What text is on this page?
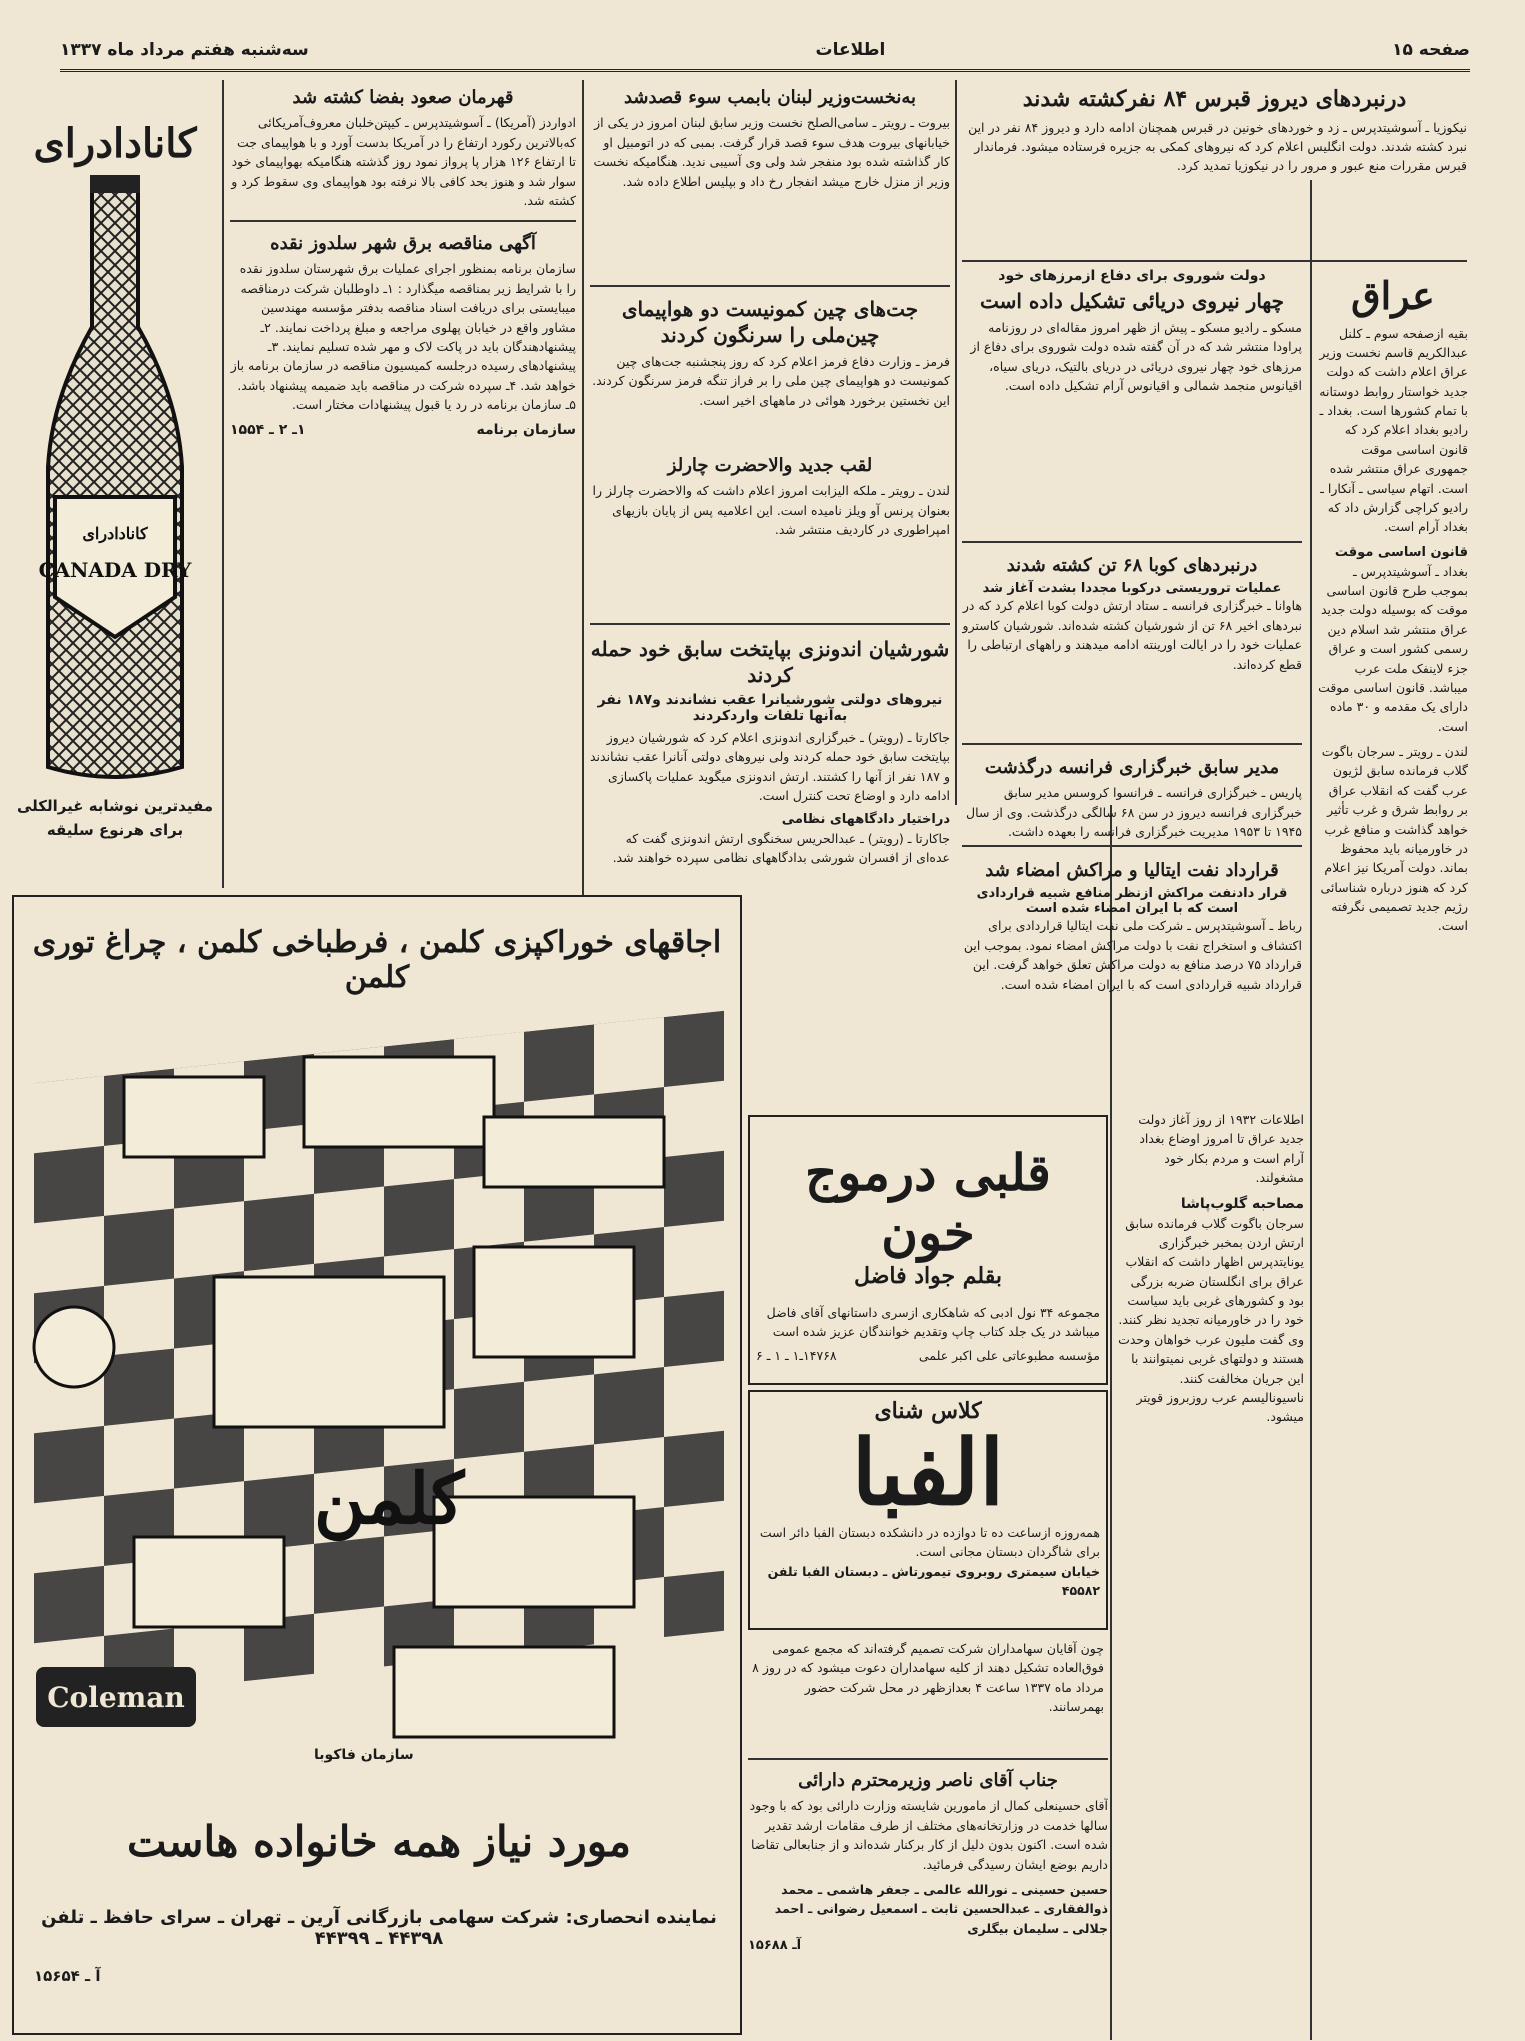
سه‌شنبه هفتم مرداد ماه ۱۳۳۷	اطلاعات	صفحه ۱۵
کانادادرای
کانادادرای
CANADA DRY
مفیدترین نوشابه غیرالکلی
برای هرنوع سلیقه
قهرمان صعود بفضا کشته شد

ادواردز (آمریکا) ـ آسوشیتدپرس ـ کیپتن‌خلبان معروف‌آمریکائی که‌بالاترین رکورد ارتفاع را در آمریکا بدست آورد و با هواپیمای جت تا ارتفاع ۱۲۶ هزار پا پرواز نمود روز گذشته هنگامیکه بهواپیمای خود سوار شد و هنوز بحد کافی بالا نرفته بود هواپیمای وی سقوط کرد و کشته شد.

آگهی مناقصه برق شهر سلدوز نقده

سازمان برنامه بمنظور اجرای عملیات برق شهرستان سلدوز نقده را با شرایط زیر بمناقصه میگذارد : ۱ـ داوطلبان شرکت درمناقصه میبایستی برای دریافت اسناد مناقصه بدفتر مؤسسه مهندسین مشاور واقع در خیابان پهلوی مراجعه و مبلغ پرداخت نمایند. ۲ـ پیشنهادهندگان باید در پاکت لاک و مهر شده تسلیم نمایند. ۳ـ پیشنهادهای رسیده درجلسه کمیسیون مناقصه در سازمان برنامه باز خواهد شد. ۴ـ سپرده شرکت در مناقصه باید ضمیمه پیشنهاد باشد. ۵ـ سازمان برنامه در رد یا قبول پیشنهادات مختار است.

سازمان برنامه
۱ـ ۲ ـ ۱۵۵۴
به‌نخست‌وزیر لبنان بابمب سوء قصدشد

بیروت ـ رویتر ـ سامی‌الصلح نخست وزیر سابق لبنان امروز در یکی از خیابانهای بیروت هدف سوء قصد قرار گرفت. بمبی که در اتومبیل او کار گذاشته شده بود منفجر شد ولی وی آسیبی ندید. هنگامیکه نخست وزیر از منزل خارج میشد انفجار رخ داد و بپلیس اطلاع داده شد.

جت‌های چین کمونیست دو هواپیمای چین‌ملی را سرنگون کردند

فرمز ـ وزارت دفاع فرمز اعلام کرد که روز پنجشنبه جت‌های چین کمونیست دو هواپیمای چین ملی را بر فراز تنگه فرمز سرنگون کردند. این نخستین برخورد هوائی در ماههای اخیر است.

لقب جدید والاحضرت چارلز

لندن ـ رویتر ـ ملکه الیزابت امروز اعلام داشت که والاحضرت چارلز را بعنوان پرنس آو ویلز نامیده است. این اعلامیه پس از پایان بازیهای امپراطوری در کاردیف منتشر شد.

شورشیان اندونزی بپایتخت سابق خود حمله کردند
نیروهای دولتی شورشیانرا عقب نشاندند و۱۸۷ نفر به‌آنها تلفات واردکردند

جاکارتا ـ (رویتر) ـ خبرگزاری اندونزی اعلام کرد که شورشیان دیروز بپایتخت سابق خود حمله کردند ولی نیروهای دولتی آنانرا عقب نشاندند و ۱۸۷ نفر از آنها را کشتند. ارتش اندونزی میگوید عملیات پاکسازی ادامه دارد و اوضاع تحت کنترل است.

دراختیار دادگاههای نظامی

جاکارتا ـ (رویتر) ـ عبدالحریس سخنگوی ارتش اندونزی گفت که عده‌ای از افسران شورشی بدادگاههای نظامی سپرده خواهند شد.

درنبردهای دیروز قبرس ۸۴ نفرکشته شدند

نیکوزیا ـ آسوشیتدپرس ـ زد و خوردهای خونین در قبرس همچنان ادامه دارد و دیروز ۸۴ نفر در این نبرد کشته شدند. دولت انگلیس اعلام کرد که نیروهای کمکی به جزیره فرستاده میشود. فرماندار قبرس مقررات منع عبور و مرور را در نیکوزیا تمدید کرد.

دولت شوروی برای دفاع ازمرزهای خود
چهار نیروی دریائی تشکیل داده است

مسکو ـ رادیو مسکو ـ پیش از ظهر امروز مقاله‌ای در روزنامه پراودا منتشر شد که در آن گفته شده دولت شوروی برای دفاع از مرزهای خود چهار نیروی دریائی در دریای بالتیک، دریای سیاه، اقیانوس منجمد شمالی و اقیانوس آرام تشکیل داده است.

درنبردهای کوبا ۶۸ تن کشته شدند
عملیات تروریستی درکوبا مجددا بشدت آغاز شد

هاوانا ـ خبرگزاری فرانسه ـ ستاد ارتش دولت کوبا اعلام کرد که در نبردهای اخیر ۶۸ تن از شورشیان کشته شده‌اند. شورشیان کاسترو عملیات خود را در ایالت اورینته ادامه میدهند و راههای ارتباطی را قطع کرده‌اند.

مدیر سابق خبرگزاری فرانسه درگذشت

پاریس ـ خبرگزاری فرانسه ـ فرانسوا کروسس مدیر سابق خبرگزاری فرانسه دیروز در سن ۶۸ سالگی درگذشت. وی از سال ۱۹۴۵ تا ۱۹۵۳ مدیریت خبرگزاری فرانسه را بعهده داشت.

عراق

بقیه ازصفحه سوم ـ کلنل عبدالکریم قاسم نخست وزیر عراق اعلام داشت که دولت جدید خواستار روابط دوستانه با تمام کشورها است. بغداد ـ رادیو بغداد اعلام کرد که قانون اساسی موقت جمهوری عراق منتشر شده است. اتهام سیاسی ـ آنکارا ـ رادیو کراچی گزارش داد که بغداد آرام است.

قانون اساسی موقت

بغداد ـ آسوشیتدپرس ـ بموجب طرح قانون اساسی موقت که بوسیله دولت جدید عراق منتشر شد اسلام دین رسمی کشور است و عراق جزء لاینفک ملت عرب میباشد. قانون اساسی موقت دارای یک مقدمه و ۳۰ ماده است.

لندن ـ رویتر ـ سرجان باگوت گلاب فرمانده سابق لژیون عرب گفت که انقلاب عراق بر روابط شرق و غرب تأثیر خواهد گذاشت و منافع غرب در خاورمیانه باید محفوظ بماند. دولت آمریکا نیز اعلام کرد که هنوز درباره شناسائی رژیم جدید تصمیمی نگرفته است.

قرارداد نفت ایتالیا و مراکش امضاء شد
قرار دادنفت مراکش ازنظر منافع شبیه قراردادی است که با ایران امضاء شده است

رباط ـ آسوشیتدپرس ـ شرکت ملی نفت ایتالیا قراردادی برای اکتشاف و استخراج نفت با دولت مراکش امضاء نمود. بموجب این قرارداد ۷۵ درصد منافع به دولت مراکش تعلق خواهد گرفت. این قرارداد شبیه قراردادی است که با ایران امضاء شده است.

اطلاعات ۱۹۳۲ از روز آغاز دولت جدید عراق تا امروز اوضاع بغداد آرام است و مردم بکار خود مشغولند.

مصاحبه گلوب‌پاشا

سرجان باگوت گلاب فرمانده سابق ارتش اردن بمخبر خبرگزاری یونایتدپرس اظهار داشت که انقلاب عراق برای انگلستان ضربه بزرگی بود و کشورهای غربی باید سیاست خود را در خاورمیانه تجدید نظر کنند. وی گفت ملیون عرب خواهان وحدت هستند و دولتهای غربی نمیتوانند با این جریان مخالفت کنند. ناسیونالیسم عرب روزبروز قویتر میشود.

قلبی درموج خون
بقلم جواد فاضل

مجموعه ۳۴ نول ادبی که شاهکاری ازسری داستانهای آقای فاضل میباشد در یک جلد کتاب چاپ وتقدیم خوانندگان عزیز شده است

مؤسسه مطبوعاتی علی اکبر علمی
۱۴۷۶۸ـ۱ ـ ۱ ـ ۶
کلاس شنای
الفبا

همه‌روزه ازساعت ده تا دوازده در دانشکده دبستان الفبا دائر است برای شاگردان دبستان مجانی است.

خیابان سیمتری روبروی تیمورتاش ـ دبستان الفبا تلفن ۴۵۵۸۲

چون آقایان سهامداران شرکت تصمیم گرفته‌اند که مجمع عمومی فوق‌العاده تشکیل دهند از کلیه سهامداران دعوت میشود که در روز ۸ مرداد ماه ۱۳۳۷ ساعت ۴ بعدازظهر در محل شرکت حضور بهمرسانند.

جناب آقای ناصر وزیرمحترم دارائی

آقای حسینعلی کمال از مامورین شایسته وزارت دارائی بود که با وجود سالها خدمت در وزارتخانه‌های مختلف از طرف مقامات ارشد تقدیر شده است. اکنون بدون دلیل از کار برکنار شده‌اند و از جنابعالی تقاضا داریم بوضع ایشان رسیدگی فرمائید.

حسین حسینی ـ نورالله عالمی ـ جعفر هاشمی ـ محمد ذوالفقاری ـ عبدالحسین ثابت ـ اسمعیل رضوانی ـ احمد جلالی ـ سلیمان بیگلری

آـ ۱۵۶۸۸
اجاقهای خوراکپزی کلمن ، فرطباخی کلمن ، چراغ توری کلمن
کلمن
Coleman
سازمان فاکوبا
مورد نیاز همه خانواده هاست
نماینده انحصاری: شرکت سهامی بازرگانی آرین ـ تهران ـ سرای حافظ ـ تلفن ۴۴۳۹۸ ـ ۴۴۳۹۹
آ ـ ۱۵۶۵۴
